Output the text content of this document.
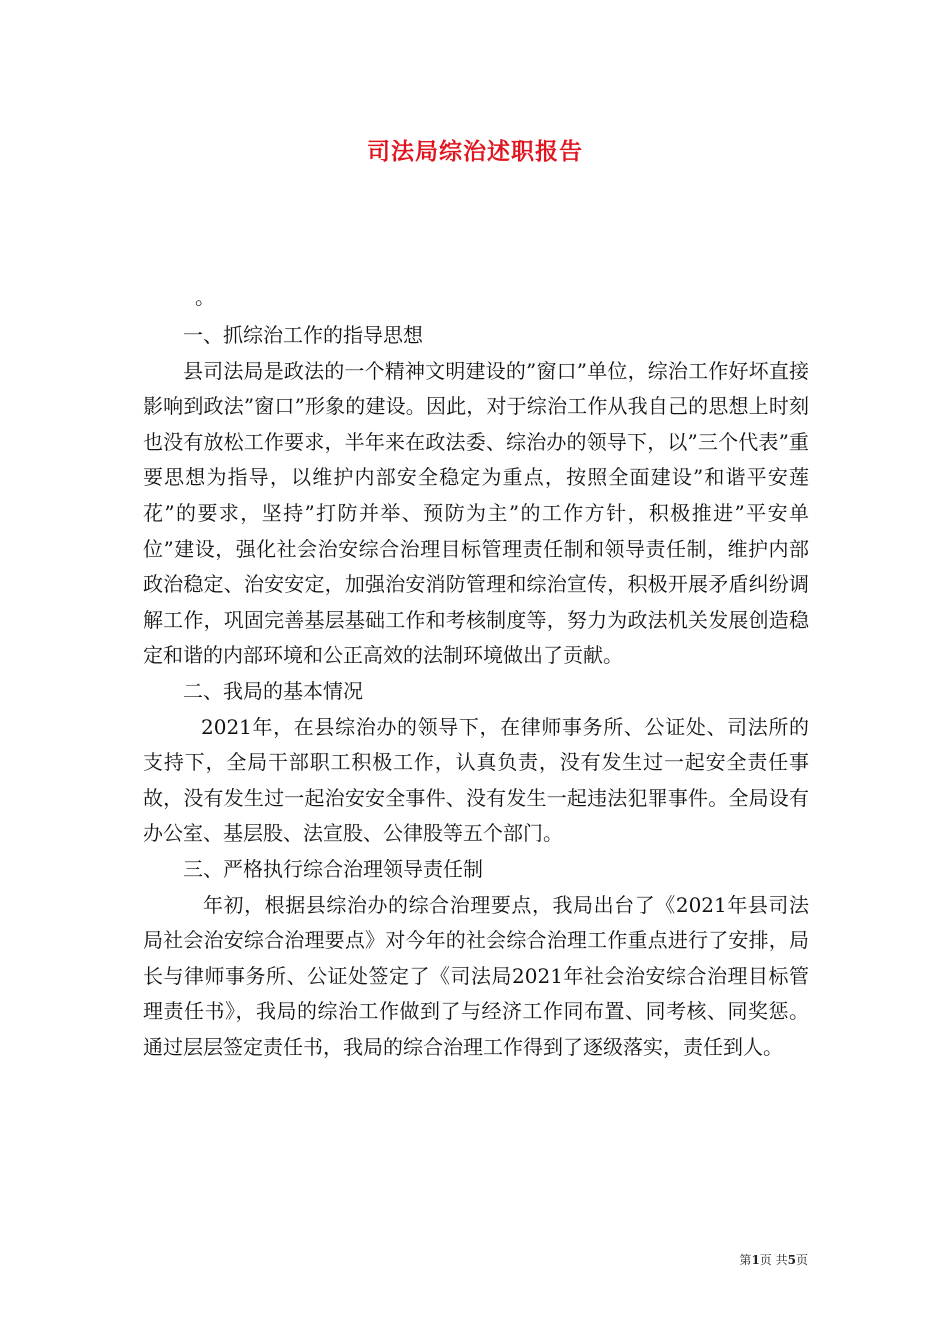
司法局综治述职报告

。

一、抓综治工作的指导思想

县司法局是政法的一个精神文明建设的”窗口”单位，综治工作好坏直接影响到政法”窗口”形象的建设。因此，对于综治工作从我自己的思想上时刻也没有放松工作要求，半年来在政法委、综治办的领导下，以”三个代表”重要思想为指导，以维护内部安全稳定为重点，按照全面建设”和谐平安莲花”的要求，坚持”打防并举、预防为主”的工作方针，积极推进”平安单位”建设，强化社会治安综合治理目标管理责任制和领导责任制，维护内部政治稳定、治安安定，加强治安消防管理和综治宣传，积极开展矛盾纠纷调解工作，巩固完善基层基础工作和考核制度等，努力为政法机关发展创造稳定和谐的内部环境和公正高效的法制环境做出了贡献。

二、我局的基本情况

2021年，在县综治办的领导下，在律师事务所、公证处、司法所的支持下，全局干部职工积极工作，认真负责，没有发生过一起安全责任事故，没有发生过一起治安安全事件、没有发生一起违法犯罪事件。全局设有办公室、基层股、法宣股、公律股等五个部门。

三、严格执行综合治理领导责任制

年初，根据县综治办的综合治理要点，我局出台了《2021年县司法局社会治安综合治理要点》对今年的社会综合治理工作重点进行了安排，局长与律师事务所、公证处签定了《司法局2021年社会治安综合治理目标管理责任书》，我局的综治工作做到了与经济工作同布置、同考核、同奖惩。通过层层签定责任书，我局的综合治理工作得到了逐级落实，责任到人。

第1页 共5页
